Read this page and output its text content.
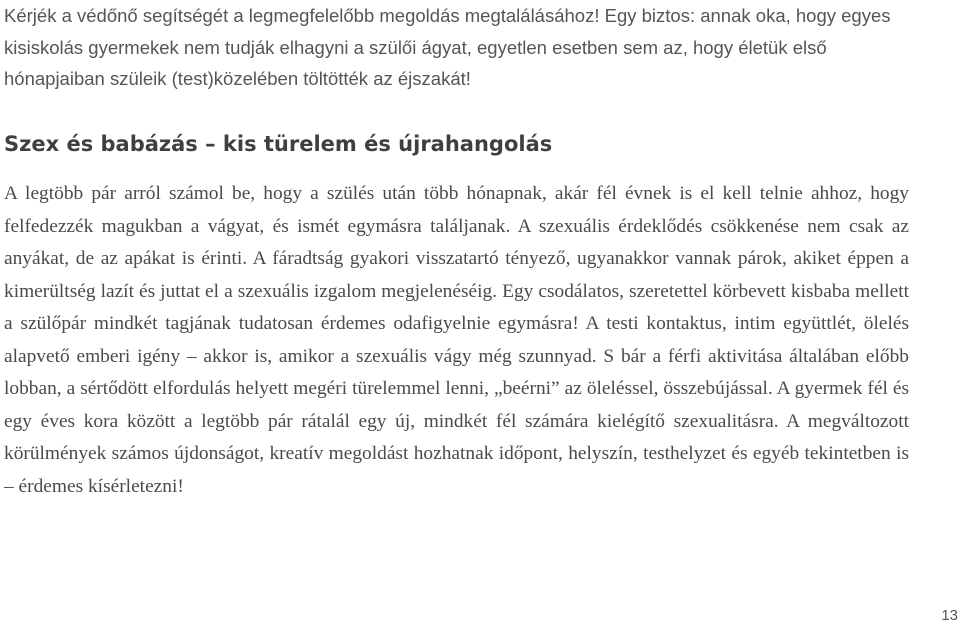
Kérjék a védőnő segítségét a legmegfelelőbb megoldás megtalálásához! Egy biztos: annak oka, hogy egyes kisiskolás gyermekek nem tudják elhagyni a szülői ágyat, egyetlen esetben sem az, hogy életük első hónapjaiban szüleik (test)közelében töltötték az éjszakát!

Szex és babázás – kis türelem és újrahangolás

A legtöbb pár arról számol be, hogy a szülés után több hónapnak, akár fél évnek is el kell telnie ahhoz, hogy felfedezzék magukban a vágyat, és ismét egymásra találjanak. A szexuális érdeklődés csökkenése nem csak az anyákat, de az apákat is érinti. A fáradtság gyakori visszatartó tényező, ugyanakkor vannak párok, akiket éppen a kimerültség lazít és juttat el a szexuális izgalom megjelenéséig. Egy csodálatos, szeretettel körbevett kisbaba mellett a szülőpár mindkét tagjának tudatosan érdemes odafigyelnie egymásra! A testi kontaktus, intim együttlét, ölelés alapvető emberi igény – akkor is, amikor a szexuális vágy még szunnyad. S bár a férfi aktivitása általában előbb lobban, a sértődött elfordulás helyett megéri türelemmel lenni, „beérni” az öleléssel, összebújással. A gyermek fél és egy éves kora között a legtöbb pár rátalál egy új, mindkét fél számára kielégítő szexualitásra. A megváltozott körülmények számos újdonságot, kreatív megoldást hozhatnak időpont, helyszín, testhelyzet és egyéb tekintetben is – érdemes kísérletezni!

13
